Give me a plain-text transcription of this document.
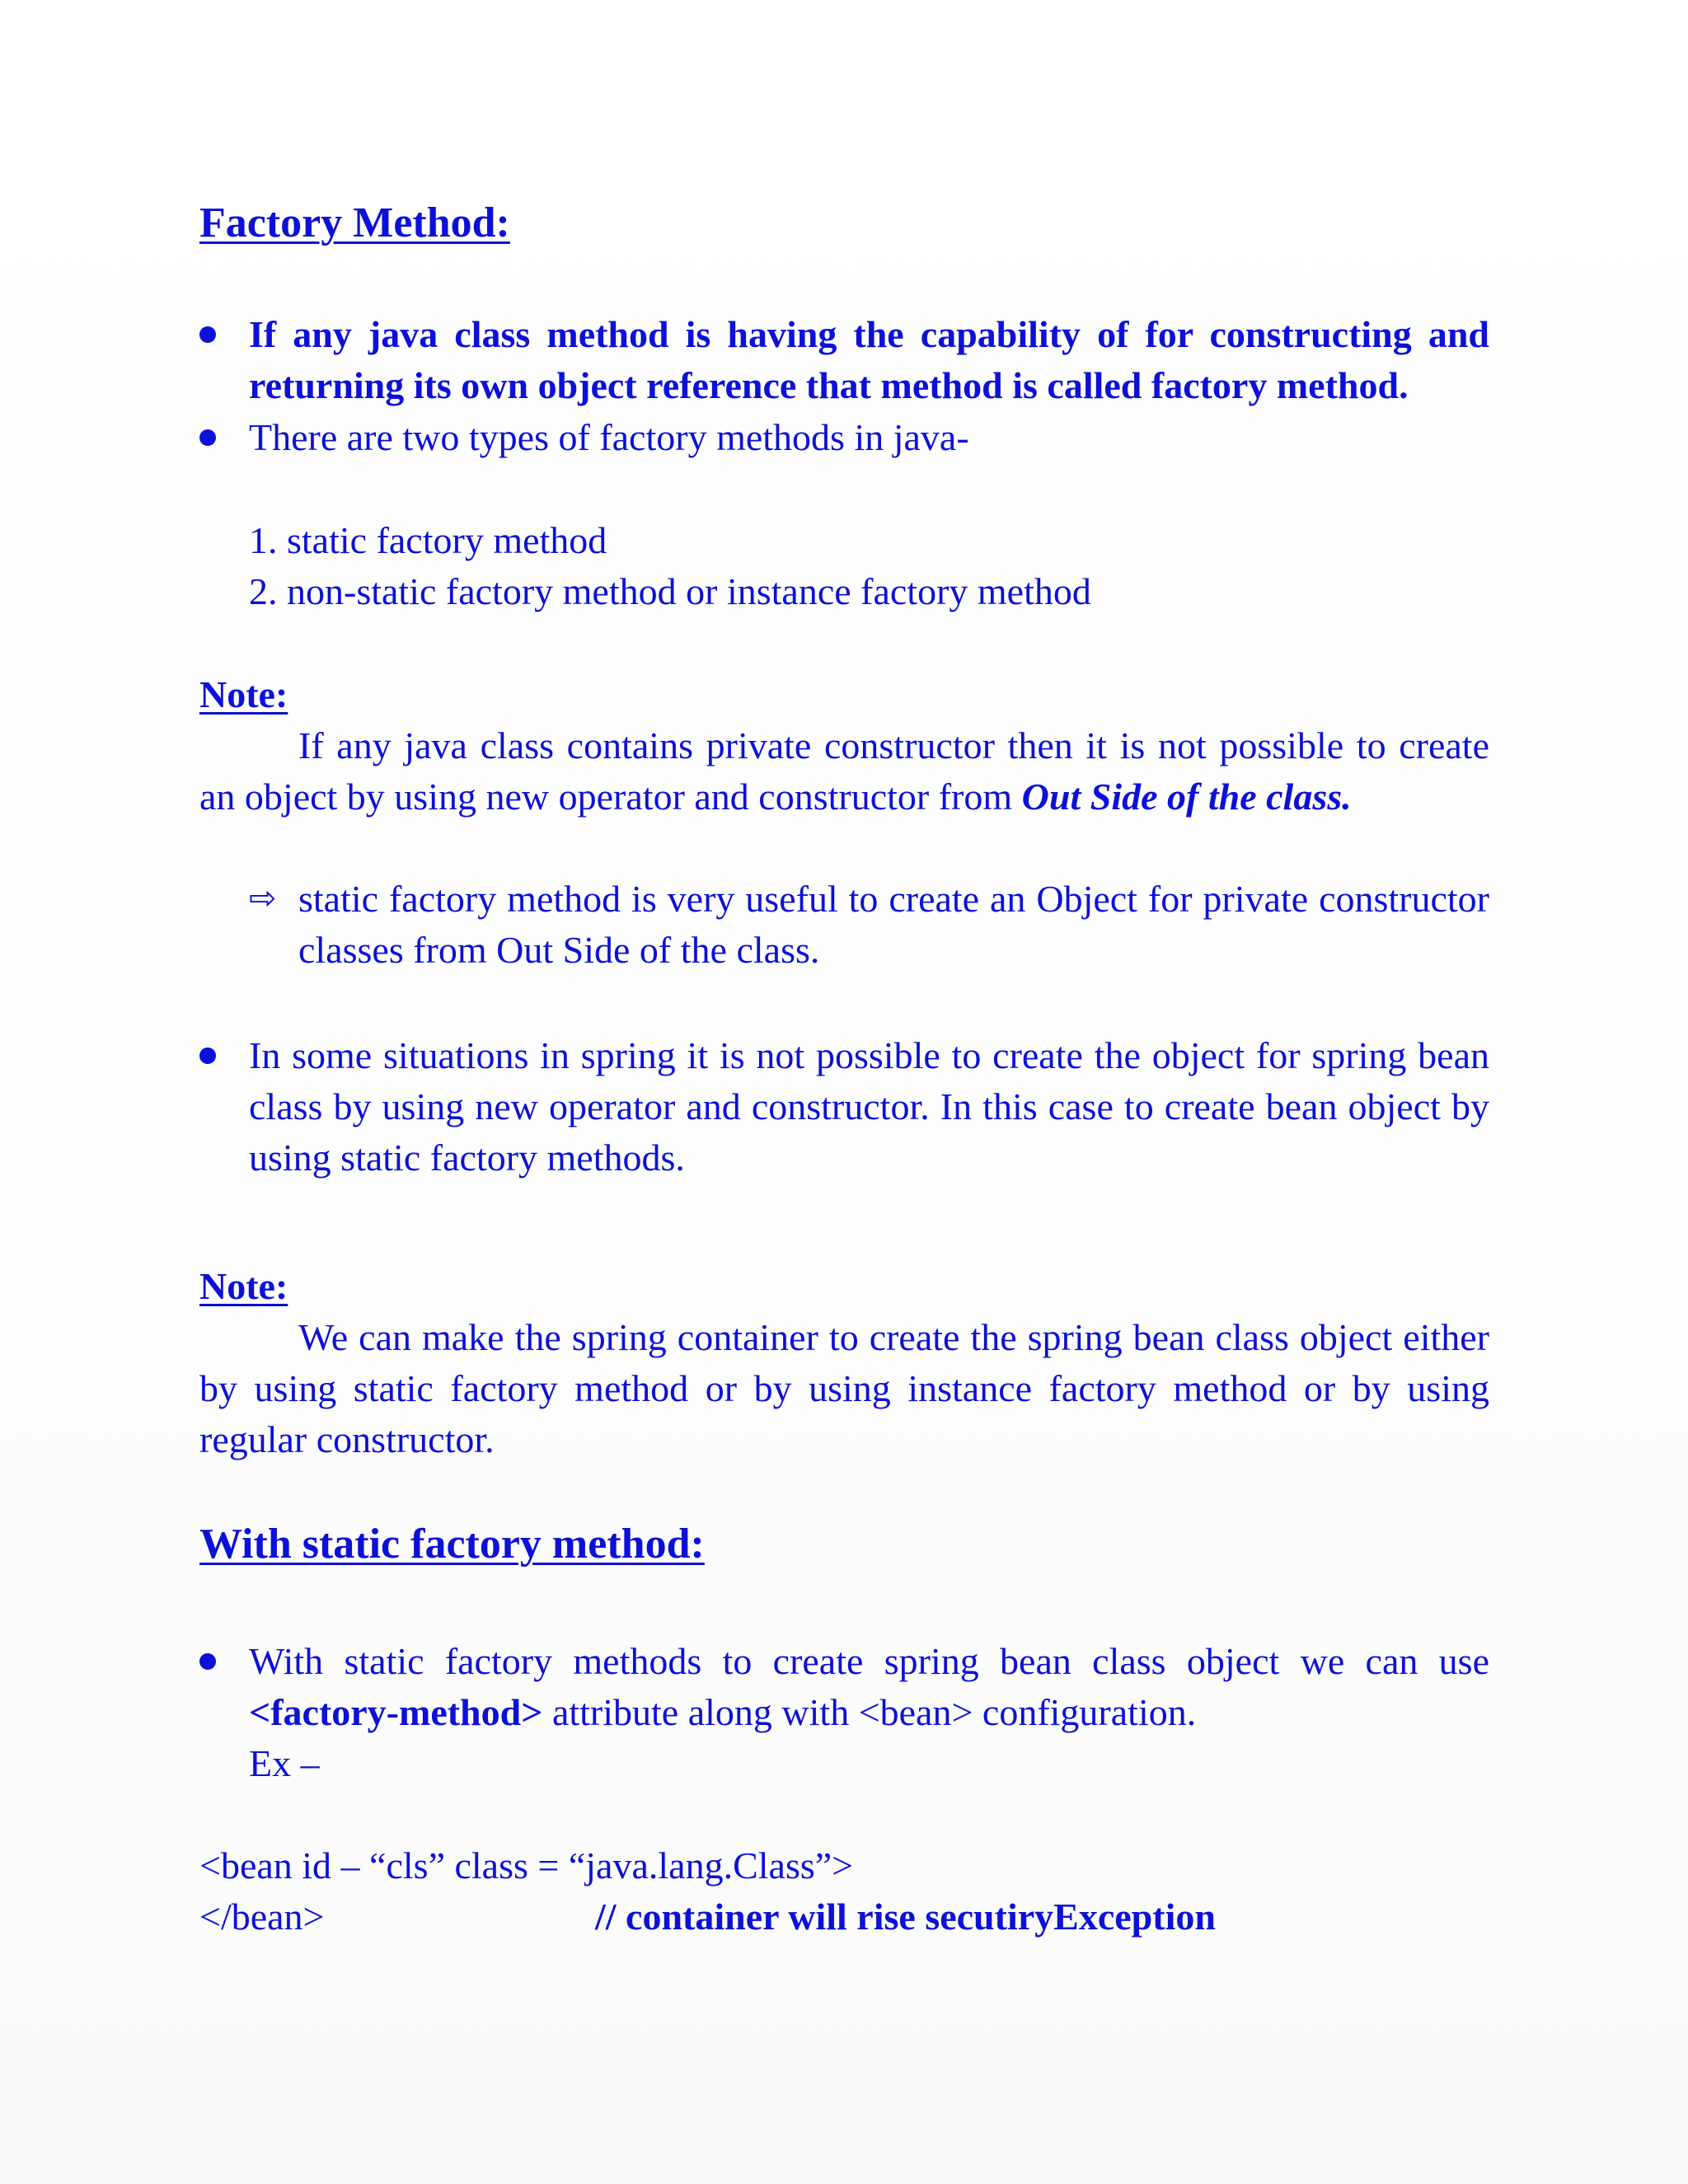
Factory Method:
If any java class method is having the capability of for constructing and
returning its own object reference that method is called factory method.
There are two types of factory methods in java-
1. static factory method
2. non-static factory method or instance factory method
Note:
If any java class contains private constructor then it is not possible to create
an object by using new operator and constructor from Out Side of the class.
⇨ static factory method is very useful to create an Object for private constructor
classes from Out Side of the class.
In some situations in spring it is not possible to create the object for spring bean
class by using new operator and constructor. In this case to create bean object by
using static factory methods.
Note:
We can make the spring container to create the spring bean class object either
by using static factory method or by using instance factory method or by using
regular constructor.
With static factory method:
With static factory methods to create spring bean class object we can use
<factory-method> attribute along with <bean> configuration.
Ex –
<bean id – “cls” class = “java.lang.Class”>
</bean>	// container will rise secutiryException
